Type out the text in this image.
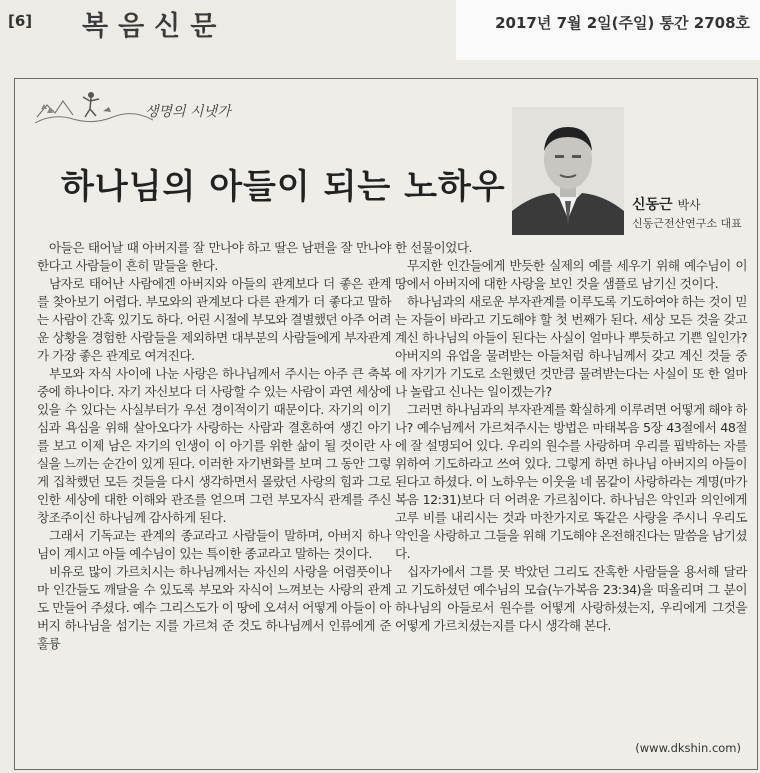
[6] 복음신문	2017년 7월 2일(주일) 통간 2708호
생명의 시냇가
하나님의 아들이 되는 노하우	신동근 박사
신동근전산연구소 대표

아들은 태어날 때 아버지를 잘 만나야 하고 딸은 남편을 잘 만나야 한다고 사람들이 흔히 말들을 한다.

남자로 태어난 사람에겐 아버지와 아들의 관계보다 더 좋은 관계를 찾아보기 어렵다. 부모와의 관계보다 다른 관계가 더 좋다고 말하는 사람이 간혹 있기도 하다. 어린 시절에 부모와 결별했던 아주 어려운 상황을 경험한 사람들을 제외하면 대부분의 사람들에게 부자관계가 가장 좋은 관계로 여겨진다.

부모와 자식 사이에 나눈 사랑은 하나님께서 주시는 아주 큰 축복 중에 하나이다. 자기 자신보다 더 사랑할 수 있는 사람이 과연 세상에 있을 수 있다는 사실부터가 우선 경이적이기 때문이다. 자기의 이기심과 욕심을 위해 살아오다가 사랑하는 사람과 결혼하여 생긴 아기를 보고 이제 남은 자기의 인생이 이 아기를 위한 삶이 될 것이란 사실을 느끼는 순간이 있게 된다. 이러한 자기변화를 보며 그 동안 그렇게 집착했던 모든 것들을 다시 생각하면서 몰랐던 사랑의 힘과 그로 인한 세상에 대한 이해와 관조를 얻으며 그런 부모자식 관계를 주신 창조주이신 하나님께 감사하게 된다.

그래서 기독교는 관계의 종교라고 사람들이 말하며, 아버지 하나님이 계시고 아들 예수님이 있는 특이한 종교라고 말하는 것이다.

비유로 많이 가르치시는 하나님께서는 자신의 사랑을 어렴풋이나마 인간들도 깨달을 수 있도록 부모와 자식이 느껴보는 사랑의 관계도 만들어 주셨다. 예수 그리스도가 이 땅에 오셔서 어떻게 아들이 아버지 하나님을 섬기는 지를 가르쳐 준 것도 하나님께서 인류에게 준 훌륭

한 선물이었다.

무지한 인간들에게 반듯한 실제의 예를 세우기 위해 예수님이 이 땅에서 아버지에 대한 사랑을 보인 것을 샘플로 남기신 것이다.

하나님과의 새로운 부자관계를 이루도록 기도하여야 하는 것이 믿는 자들이 바라고 기도해야 할 첫 번째가 된다. 세상 모든 것을 갖고 계신 하나님의 아들이 된다는 사실이 얼마나 뿌듯하고 기쁜 일인가? 아버지의 유업을 물려받는 아들처럼 하나님께서 갖고 계신 것들 중에 자기가 기도로 소원했던 것만큼 물려받는다는 사실이 또 한 얼마나 놀랍고 신나는 일이겠는가?

그러면 하나님과의 부자관계를 확실하게 이루려면 어떻게 해야 하나? 예수님께서 가르쳐주시는 방법은 마태복음 5장 43절에서 48절에 잘 설명되어 있다. 우리의 원수를 사랑하며 우리를 핍박하는 자를 위하여 기도하라고 쓰여 있다. 그렇게 하면 하나님 아버지의 아들이 된다고 하셨다. 이 노하우는 이웃을 네 몸같이 사랑하라는 계명(마가복음 12:31)보다 더 어려운 가르침이다. 하나님은 악인과 의인에게 고루 비를 내리시는 것과 마찬가지로 똑같은 사랑을 주시니 우리도 악인을 사랑하고 그들을 위해 기도해야 온전해진다는 말씀을 남기셨다.

십자가에서 그를 못 박았던 그리도 잔혹한 사람들을 용서해 달라고 기도하셨던 예수님의 모습(누가복음 23:34)을 떠올리며 그 분이 하나님의 아들로서 원수를 어떻게 사랑하셨는지, 우리에게 그것을 어떻게 가르치셨는지를 다시 생각해 본다.

(www.dkshin.com)
